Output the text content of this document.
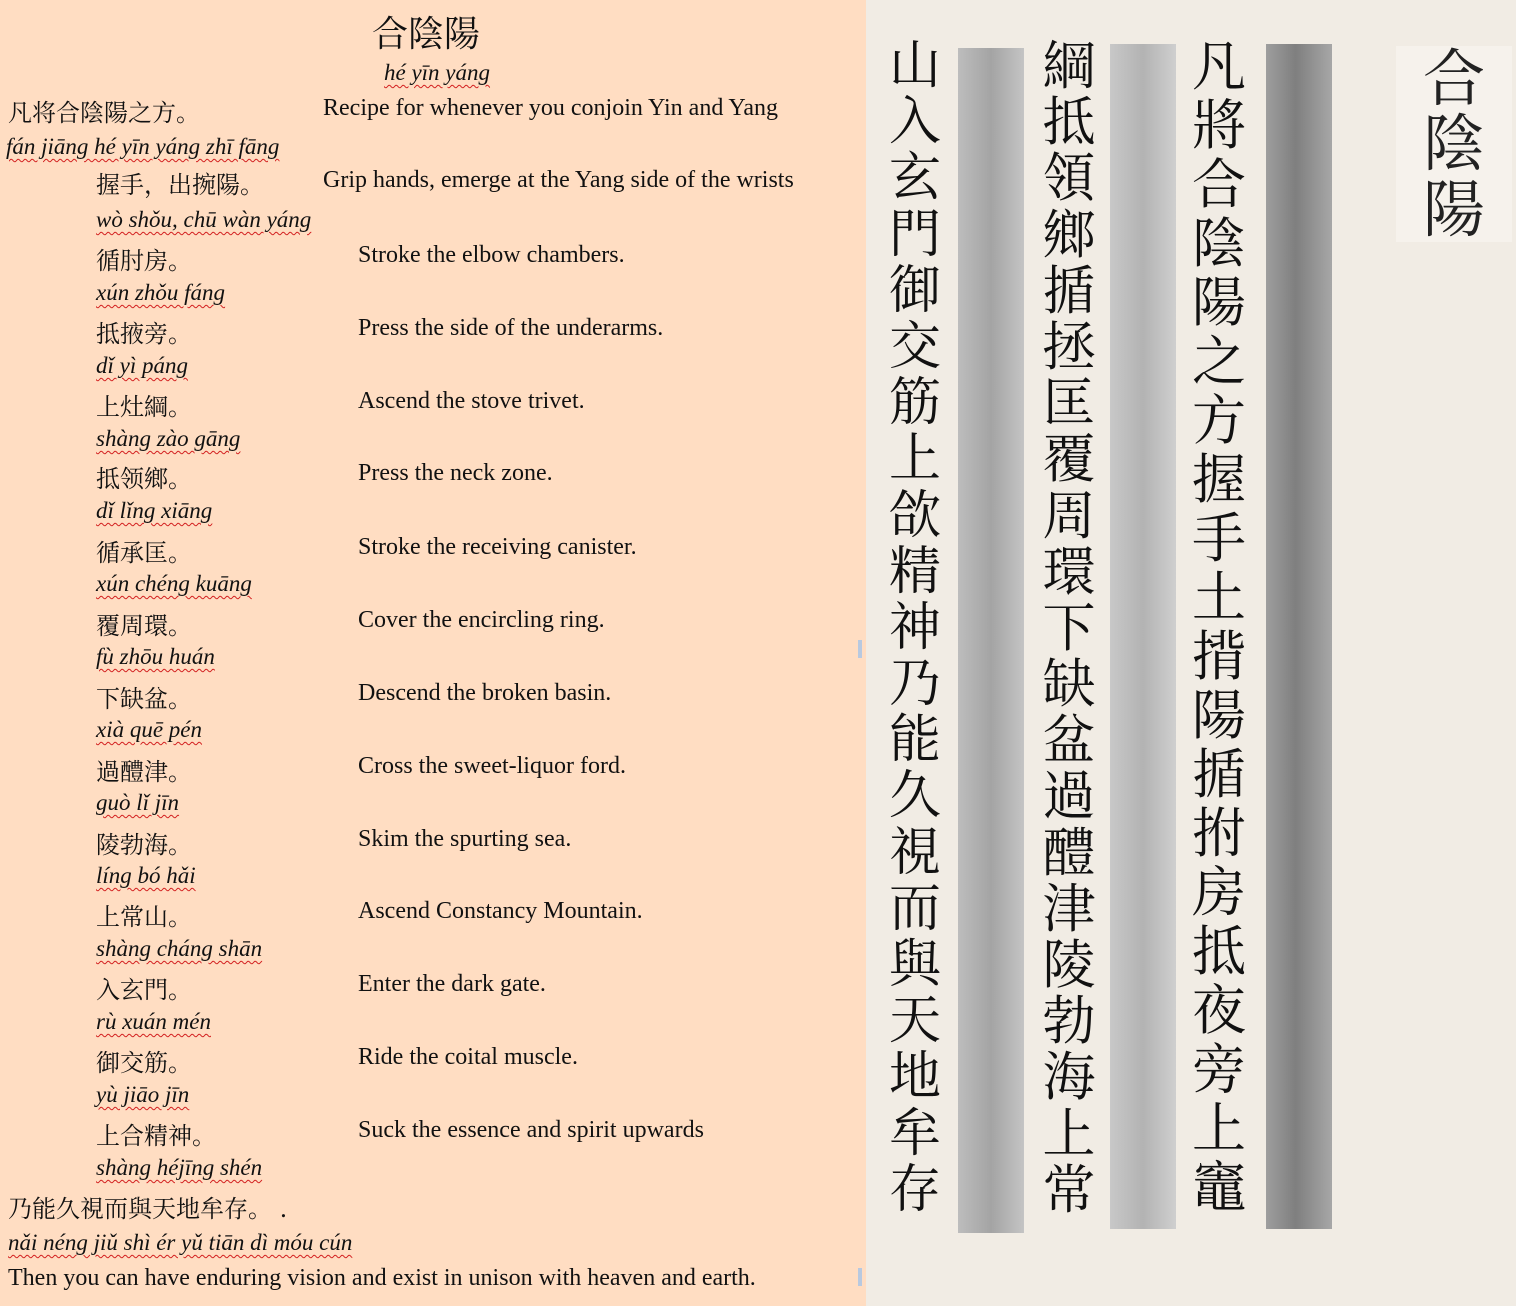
合陰陽
hé yīn yáng
凡将合陰陽之方。	Recipe for whenever you conjoin Yin and Yang
fán jiāng hé yīn yáng zhī fāng
握手，出捥陽。 Grip hands, emerge at the Yang side of the wrists
wò shǒu, chū wàn yáng
循肘房。	Stroke the elbow chambers.
xún zhǒu fáng
抵掖旁。	Press the side of the underarms.
dǐ yì páng
上灶綱。	Ascend the stove trivet.
shàng zào gāng
抵领鄉。	Press the neck zone.
dǐ lǐng xiāng
循承匡。	Stroke the receiving canister.
xún chéng kuāng
覆周環。	Cover the encircling ring.
fù zhōu huán
下缺盆。	Descend the broken basin.
xià quē pén
過醴津。	Cross the sweet-liquor ford.
guò lǐ jīn
陵勃海。	Skim the spurting sea.
líng bó hǎi
上常山。	Ascend Constancy Mountain.
shàng cháng shān
入玄門。	Enter the dark gate.
rù xuán mén
御交筋。	Ride the coital muscle.
yù jiāo jīn
上合精神。	Suck the essence and spirit upwards
shàng héjīng shén
乃能久視而與天地牟存。 .
nǎi néng jiǔ shì ér yǔ tiān dì móu cún
Then you can have enduring vision and exist in unison with heaven and earth.
合
陰
陽
凡
將
合
陰
陽
之
方
握
手
土
揹
陽
揗
拊
房
抵
夜
旁
上
竈
綱
抵
領
鄉
揗
拯
匡
覆
周
環
下
缺
盆
過
醴
津
陵
勃
海
上
常
山
入
玄
門
御
交
筋
上
欱
精
神
乃
能
久
視
而
與
天
地
牟
存
